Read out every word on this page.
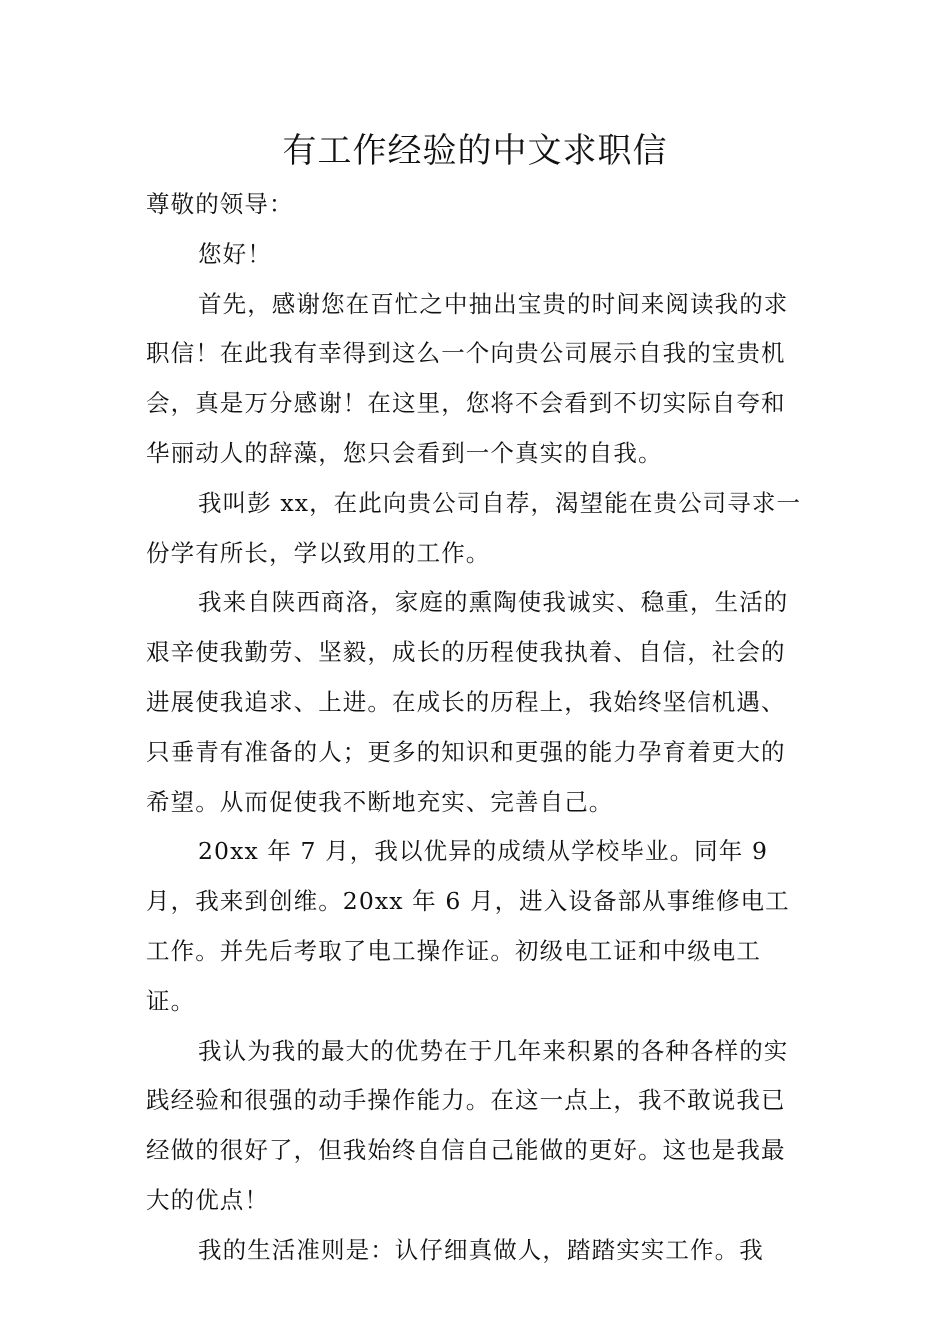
有工作经验的中文求职信

尊敬的领导：

您好！

首先，感谢您在百忙之中抽出宝贵的时间来阅读我的求职信！在此我有幸得到这么一个向贵公司展示自我的宝贵机会，真是万分感谢！在这里，您将不会看到不切实际自夸和华丽动人的辞藻，您只会看到一个真实的自我。

我叫彭 xx，在此向贵公司自荐，渴望能在贵公司寻求一份学有所长，学以致用的工作。

我来自陕西商洛，家庭的熏陶使我诚实、稳重，生活的艰辛使我勤劳、坚毅，成长的历程使我执着、自信，社会的进展使我追求、上进。在成长的历程上，我始终坚信机遇、只垂青有准备的人；更多的知识和更强的能力孕育着更大的希望。从而促使我不断地充实、完善自己。

20xx 年 7 月，我以优异的成绩从学校毕业。同年 9 月，我来到创维。20xx 年 6 月，进入设备部从事维修电工工作。并先后考取了电工操作证。初级电工证和中级电工证。

我认为我的最大的优势在于几年来积累的各种各样的实践经验和很强的动手操作能力。在这一点上，我不敢说我已经做的很好了，但我始终自信自己能做的更好。这也是我最大的优点！

我的生活准则是：认仔细真做人，踏踏实实工作。我
